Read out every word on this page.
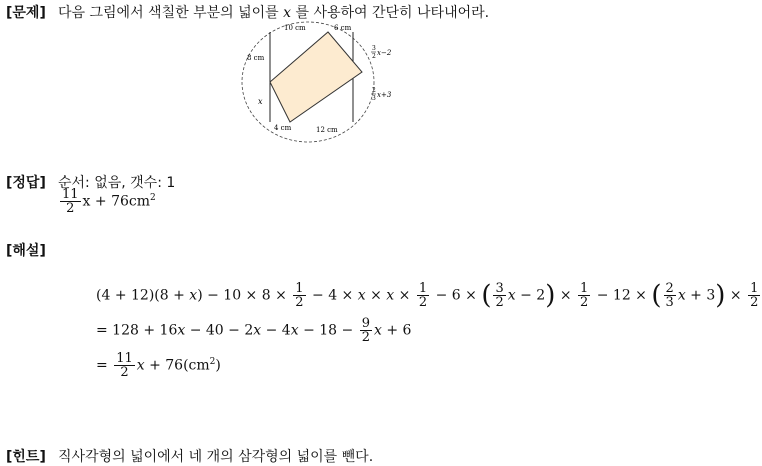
[문제] 다음 그림에서 색칠한 부분의 넓이를 x 를 사용하여 간단히 나타내어라.
10 cm	6 cm
8 cm
x
4 cm	12 cm
3
2 x−2
2
3 x+3
[정답] 순서: 없음, 갯수: 1
$\frac{11}{2}$ $x + 76cm^2$
[해설]
$(4 + 12)(8 + x) - 10 \times 8 \times \frac{1}{2} - 4 \times x \times x \times \frac{1}{2} - 6$ × ( $\frac{3}{2}$ $x - 2) \times \frac{1}{2} - 12$ × ( $\frac{2}{3}$ $x + 3) \times \frac{1}{2}$
= $128 + 16x - 40 - 2x - 4x - 18 - \frac{9}{2}$ x + 6
= $\frac{11}{2}$ $x + 76(cm^2)$
[힌트] 직사각형의 넓이에서 네 개의 삼각형의 넓이를 뺀다.
